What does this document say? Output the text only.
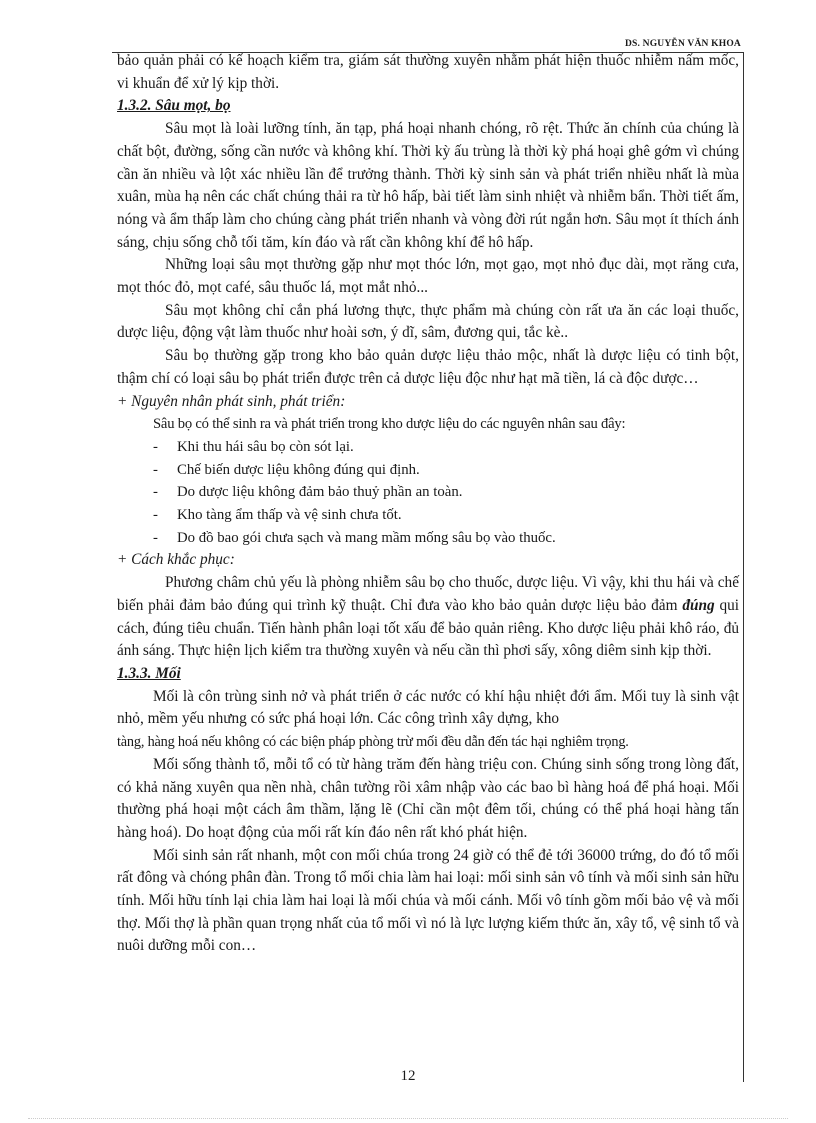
DS. NGUYỄN VĂN KHOA

bảo quản phải có kế hoạch kiểm tra, giám sát thường xuyên nhằm phát hiện thuốc nhiễm nấm mốc, vi khuẩn để xử lý kịp thời.

1.3.2. Sâu mọt, bọ

Sâu mọt là loài lưỡng tính, ăn tạp, phá hoại nhanh chóng, rõ rệt. Thức ăn chính của chúng là chất bột, đường, sống cần nước và không khí. Thời kỳ ấu trùng là thời kỳ phá hoại ghê gớm vì chúng cần ăn nhiều và lột xác nhiều lần để trưởng thành. Thời kỳ sinh sản và phát triển nhiều nhất là mùa xuân, mùa hạ nên các chất chúng thải ra từ hô hấp, bài tiết làm sinh nhiệt và nhiễm bẩn. Thời tiết ấm, nóng và ẩm thấp làm cho chúng càng phát triển nhanh và vòng đời rút ngắn hơn. Sâu mọt ít thích ánh sáng, chịu sống chỗ tối tăm, kín đáo và rất cần không khí để hô hấp.

Những loại sâu mọt thường gặp như mọt thóc lớn, mọt gạo, mọt nhỏ đục dài, mọt răng cưa, mọt thóc đỏ, mọt café, sâu thuốc lá, mọt mắt nhỏ...

Sâu mọt không chỉ cắn phá lương thực, thực phẩm mà chúng còn rất ưa ăn các loại thuốc, dược liệu, động vật làm thuốc như hoài sơn, ý dĩ, sâm, đương qui, tắc kè..

Sâu bọ thường gặp trong kho bảo quản dược liệu thảo mộc, nhất là dược liệu có tinh bột, thậm chí có loại sâu bọ phát triển được trên cả dược liệu độc như hạt mã tiền, lá cà độc dược…

+ Nguyên nhân phát sinh, phát triển:

Sâu bọ có thể sinh ra và phát triển trong kho dược liệu do các nguyên nhân sau đây:

- Khi thu hái sâu bọ còn sót lại.
- Chế biến dược liệu không đúng qui định.
- Do dược liệu không đảm bảo thuỷ phần an toàn.
- Kho tàng ẩm thấp và vệ sinh chưa tốt.
- Do đồ bao gói chưa sạch và mang mầm mống sâu bọ vào thuốc.

+ Cách khắc phục:

Phương châm chủ yếu là phòng nhiễm sâu bọ cho thuốc, dược liệu. Vì vậy, khi thu hái và chế biến phải đảm bảo đúng qui trình kỹ thuật. Chỉ đưa vào kho bảo quản dược liệu bảo đảm đúng qui cách, đúng tiêu chuẩn. Tiến hành phân loại tốt xấu để bảo quản riêng. Kho dược liệu phải khô ráo, đủ ánh sáng. Thực hiện lịch kiểm tra thường xuyên và nếu cần thì phơi sấy, xông diêm sinh kịp thời.

1.3.3. Mối

Mối là côn trùng sinh nở và phát triển ở các nước có khí hậu nhiệt đới ẩm. Mối tuy là sinh vật nhỏ, mềm yếu nhưng có sức phá hoại lớn. Các công trình xây dựng, kho

tàng, hàng hoá nếu không có các biện pháp phòng trừ mối đều dẫn đến tác hại nghiêm trọng.

Mối sống thành tổ, mỗi tổ có từ hàng trăm đến hàng triệu con. Chúng sinh sống trong lòng đất, có khả năng xuyên qua nền nhà, chân tường rồi xâm nhập vào các bao bì hàng hoá để phá hoại. Mối thường phá hoại một cách âm thầm, lặng lẽ (Chỉ cần một đêm tối, chúng có thể phá hoại hàng tấn hàng hoá). Do hoạt động của mối rất kín đáo nên rất khó phát hiện.

Mối sinh sản rất nhanh, một con mối chúa trong 24 giờ có thể đẻ tới 36000 trứng, do đó tổ mối rất đông và chóng phân đàn. Trong tổ mối chia làm hai loại: mối sinh sản vô tính và mối sinh sản hữu tính. Mối hữu tính lại chia làm hai loại là mối chúa và mối cánh. Mối vô tính gồm mối bảo vệ và mối thợ. Mối thợ là phần quan trọng nhất của tổ mối vì nó là lực lượng kiếm thức ăn, xây tổ, vệ sinh tổ và nuôi dưỡng mỗi con…

12
